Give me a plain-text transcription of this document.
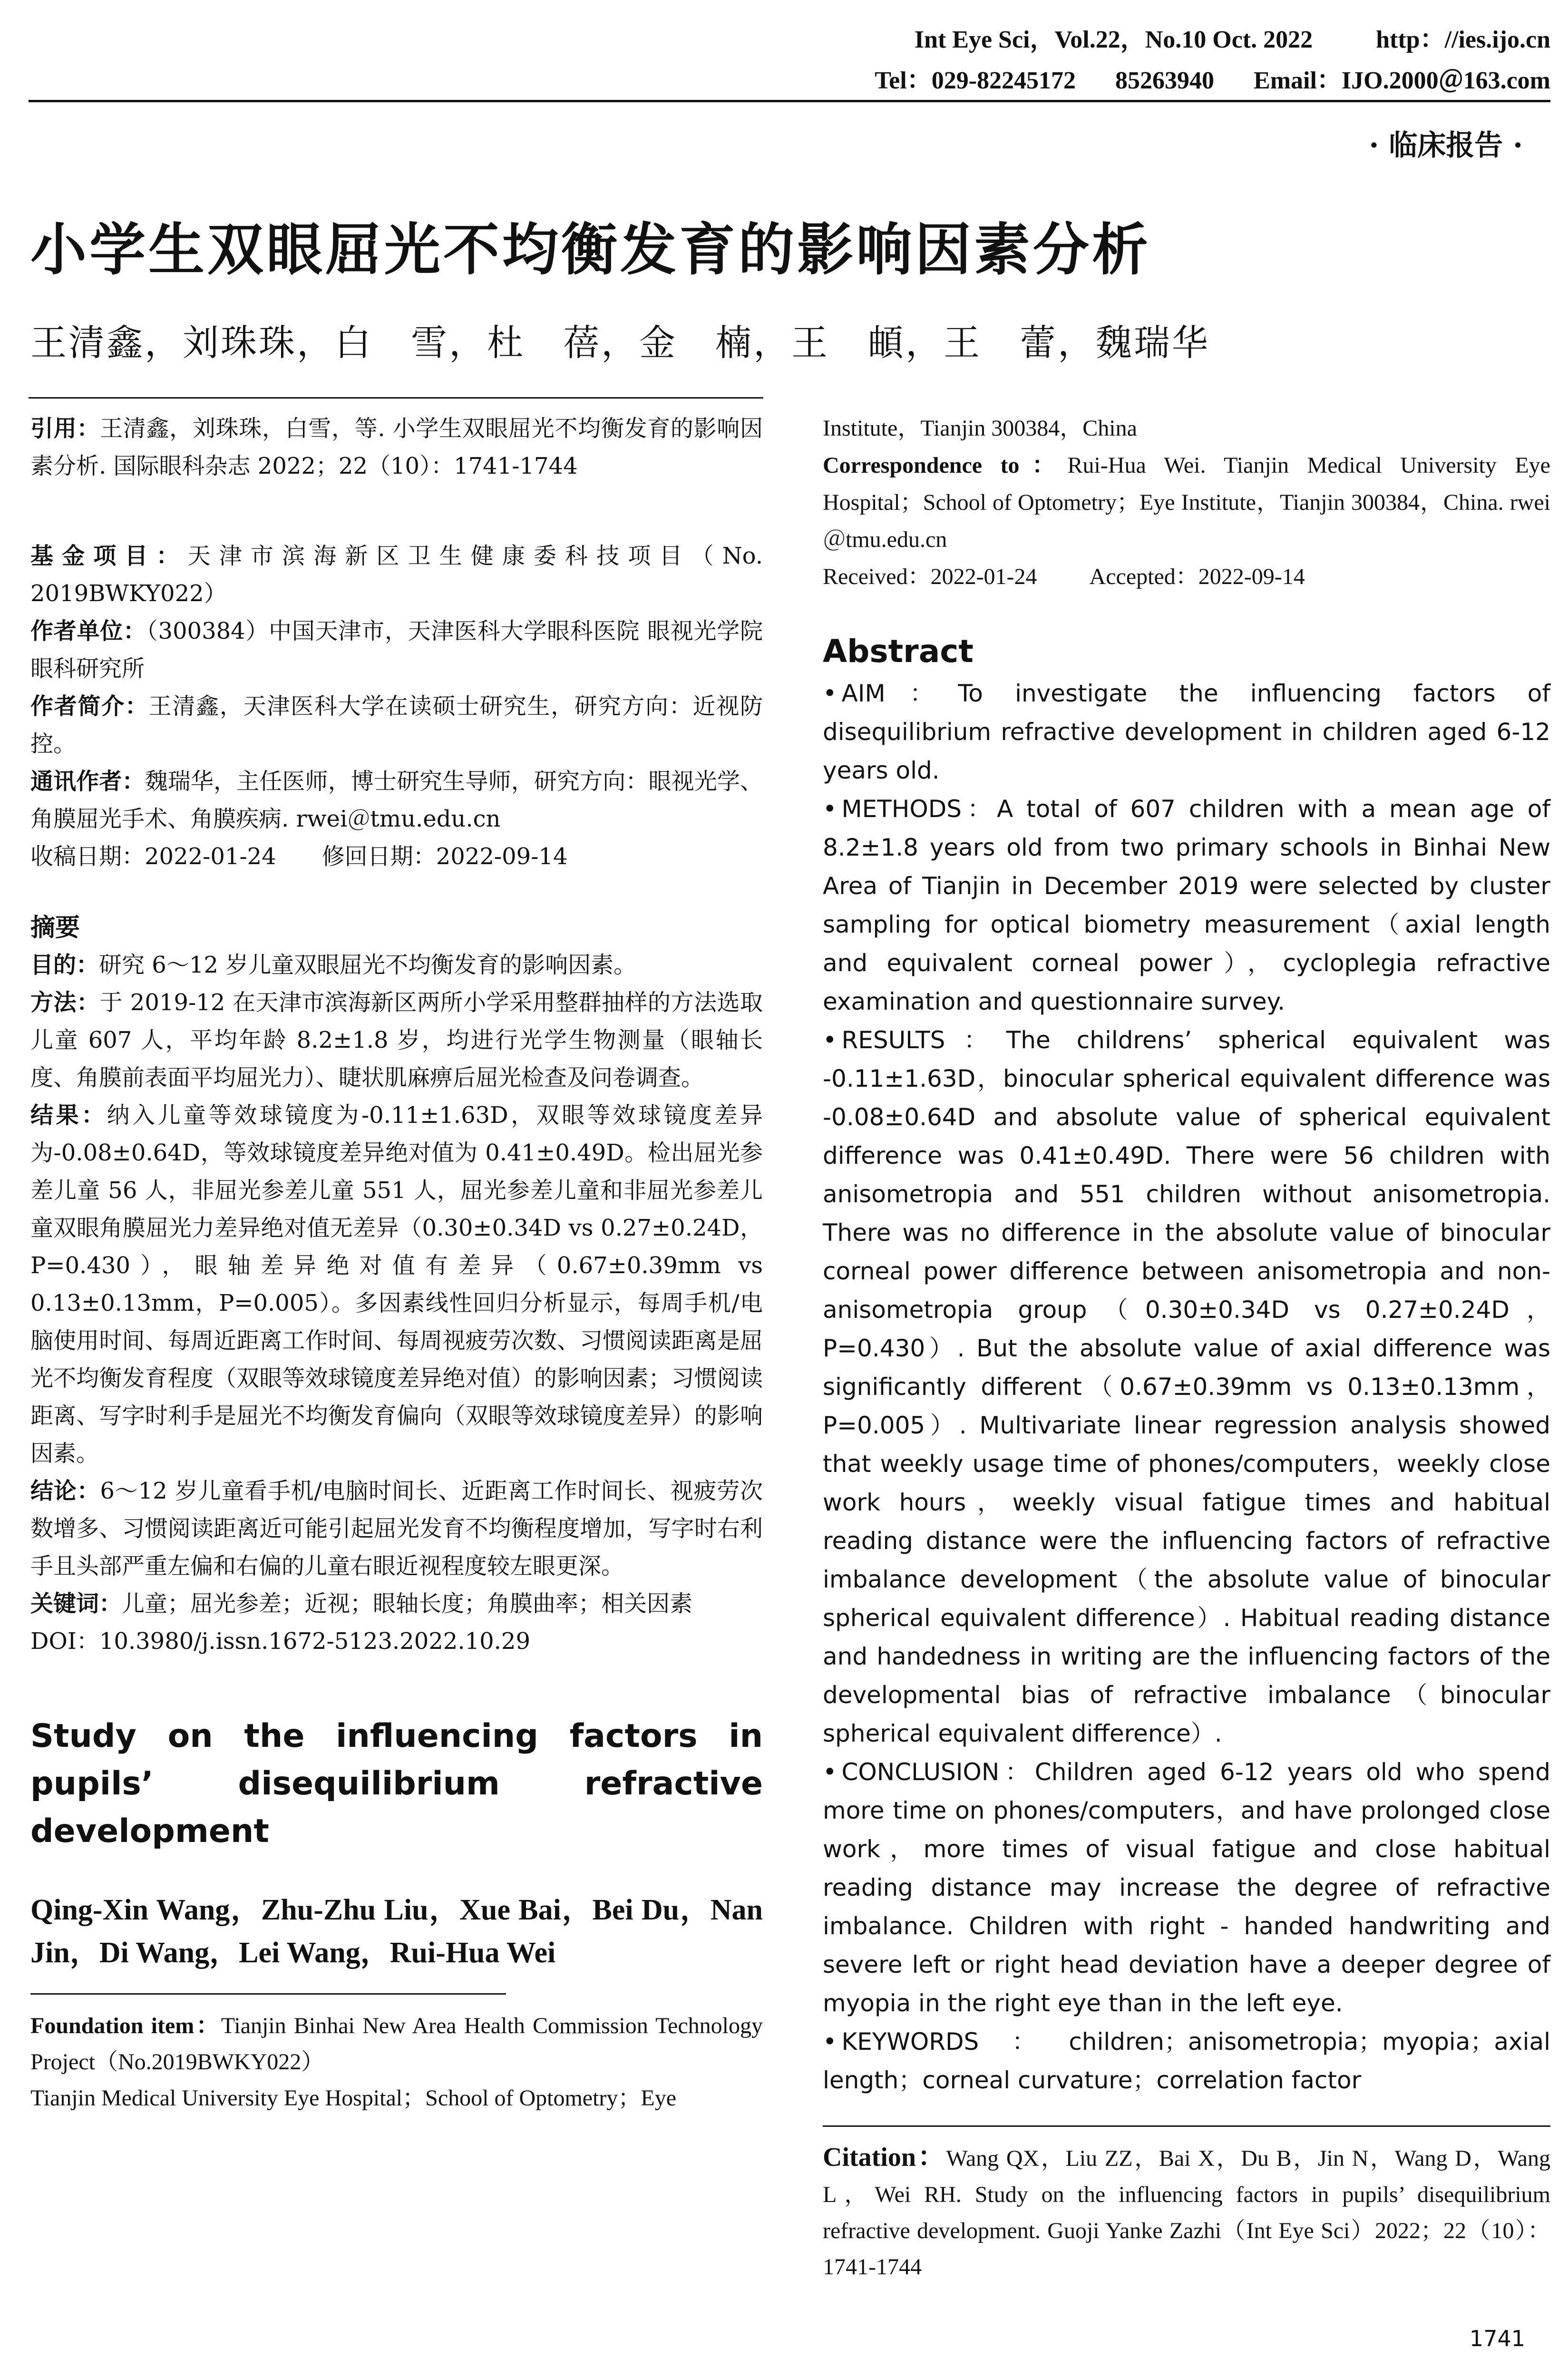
Int Eye Sci，Vol.22，No.10 Oct. 2022	http：//ies.ijo.cn
Tel：029-82245172 85263940 Email：IJO.2000＠163.com
· 临床报告 ·
小学生双眼屈光不均衡发育的影响因素分析
王清鑫，刘珠珠，白　雪，杜　蓓，金　楠，王　頔，王　蕾，魏瑞华

引用：王清鑫，刘珠珠，白雪，等. 小学生双眼屈光不均衡发育的影响因素分析. 国际眼科杂志 2022；22（10）：1741-1744

基金项目：天津市滨海新区卫生健康委科技项目（No. 2019BWKY022）

作者单位：（300384）中国天津市，天津医科大学眼科医院 眼视光学院 眼科研究所

作者简介：王清鑫，天津医科大学在读硕士研究生，研究方向：近视防控。

通讯作者：魏瑞华，主任医师，博士研究生导师，研究方向：眼视光学、角膜屈光手术、角膜疾病. rwei＠tmu.edu.cn

收稿日期：2022-01-24　　修回日期：2022-09-14

摘要

目的：研究 6～12 岁儿童双眼屈光不均衡发育的影响因素。

方法：于 2019-12 在天津市滨海新区两所小学采用整群抽样的方法选取儿童 607 人，平均年龄 8.2±1.8 岁，均进行光学生物测量（眼轴长度、角膜前表面平均屈光力）、睫状肌麻痹后屈光检查及问卷调查。

结果：纳入儿童等效球镜度为-0.11±1.63D，双眼等效球镜度差异为-0.08±0.64D，等效球镜度差异绝对值为 0.41±0.49D。检出屈光参差儿童 56 人，非屈光参差儿童 551 人，屈光参差儿童和非屈光参差儿童双眼角膜屈光力差异绝对值无差异（0.30±0.34D vs 0.27±0.24D，P=0.430），眼轴差异绝对值有差异（0.67±0.39mm vs 0.13±0.13mm，P=0.005）。多因素线性回归分析显示，每周手机/电脑使用时间、每周近距离工作时间、每周视疲劳次数、习惯阅读距离是屈光不均衡发育程度（双眼等效球镜度差异绝对值）的影响因素；习惯阅读距离、写字时利手是屈光不均衡发育偏向（双眼等效球镜度差异）的影响因素。

结论：6～12 岁儿童看手机/电脑时间长、近距离工作时间长、视疲劳次数增多、习惯阅读距离近可能引起屈光发育不均衡程度增加，写字时右利手且头部严重左偏和右偏的儿童右眼近视程度较左眼更深。

关键词：儿童；屈光参差；近视；眼轴长度；角膜曲率；相关因素

DOI：10.3980/j.issn.1672-5123.2022.10.29

Study on the influencing factors in pupils’ disequilibrium refractive development

Qing-Xin Wang，Zhu-Zhu Liu，Xue Bai，Bei Du，Nan Jin，Di Wang，Lei Wang，Rui-Hua Wei

Foundation item：Tianjin Binhai New Area Health Commission Technology Project（No.2019BWKY022）

Tianjin Medical University Eye Hospital；School of Optometry；Eye

Institute，Tianjin 300384，China

Correspondence to：Rui-Hua Wei. Tianjin Medical University Eye Hospital；School of Optometry；Eye Institute，Tianjin 300384，China. rwei＠tmu.edu.cn

Received：2022-01-24 Accepted：2022-09-14

Abstract

• AIM：To investigate the influencing factors of disequilibrium refractive development in children aged 6-12 years old.

• METHODS：A total of 607 children with a mean age of 8.2±1.8 years old from two primary schools in Binhai New Area of Tianjin in December 2019 were selected by cluster sampling for optical biometry measurement（axial length and equivalent corneal power），cycloplegia refractive examination and questionnaire survey.

• RESULTS：The childrens’ spherical equivalent was -0.11±1.63D，binocular spherical equivalent difference was -0.08±0.64D and absolute value of spherical equivalent difference was 0.41±0.49D. There were 56 children with anisometropia and 551 children without anisometropia. There was no difference in the absolute value of binocular corneal power difference between anisometropia and non-anisometropia group（0.30±0.34D vs 0.27±0.24D，P=0.430）. But the absolute value of axial difference was significantly different（0.67±0.39mm vs 0.13±0.13mm，P=0.005）. Multivariate linear regression analysis showed that weekly usage time of phones/computers，weekly close work hours，weekly visual fatigue times and habitual reading distance were the influencing factors of refractive imbalance development（the absolute value of binocular spherical equivalent difference）. Habitual reading distance and handedness in writing are the influencing factors of the developmental bias of refractive imbalance（binocular spherical equivalent difference）.

• CONCLUSION：Children aged 6-12 years old who spend more time on phones/computers，and have prolonged close work，more times of visual fatigue and close habitual reading distance may increase the degree of refractive imbalance. Children with right - handed handwriting and severe left or right head deviation have a deeper degree of myopia in the right eye than in the left eye.

• KEYWORDS：children；anisometropia；myopia；axial length；corneal curvature；correlation factor

Citation：Wang QX，Liu ZZ，Bai X，Du B，Jin N，Wang D，Wang L，Wei RH. Study on the influencing factors in pupils’ disequilibrium refractive development. Guoji Yanke Zazhi（Int Eye Sci）2022；22（10）：1741-1744

1741
